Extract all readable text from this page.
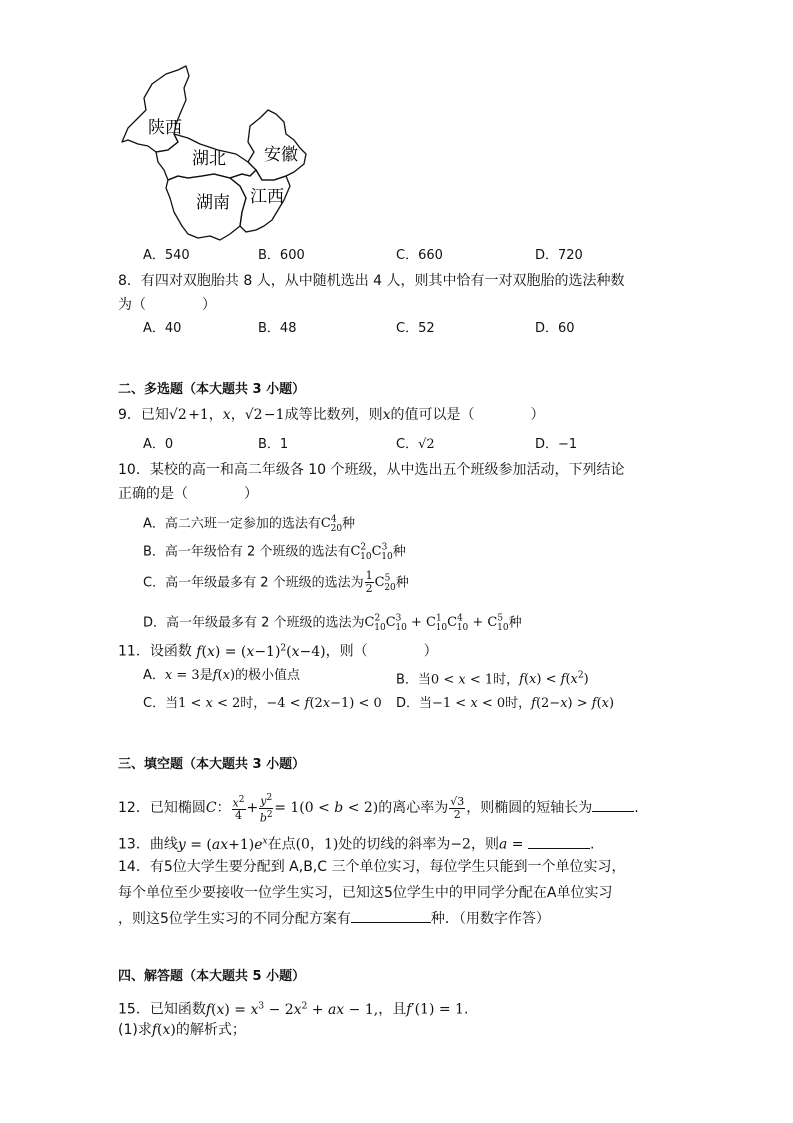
陕西
湖北 安徽
湖南 江西
A．540	B．600	C．660	D．720
8．有四对双胞胎共 8 人，从中随机选出 4 人，则其中恰有一对双胞胎的选法种数
为（　　　　）
A．40	B．48	C．52	D．60
二、多选题（本大题共 3 小题）
9．已知√2 +1，x，√2 −1成等比数列，则x的值可以是（　　　　）
A．0	B．1	C．√2	D．−1
10．某校的高一和高二年级各 10 个班级，从中选出五个班级参加活动，下列结论
正确的是（　　　　）
A．高二六班一定参加的选法有$C^4_{20}$种
B．高一年级恰有 2 个班级的选法有$C^2_{10}C^3_{10}$种
C．高一年级最多有 2 个班级的选法为 $\frac{1}{2} C^5_{20}$种
D．高一年级最多有 2 个班级的选法为$C^2_{10}C^3_{10} + C^1_{10}C^4_{10} + C^5_{10}$种
11．设函数 $f(x) = (x-1)^2(x-4)$，则（　　　　）
A．x = 3是f(x)的极小值点	B．当0 < x < 1时，$f(x) < f(x^2)$
C．当1 < x < 2时，−4 < f(2x−1) < 0 D．当−1 < x < 0时，f(2−x) > f(x)
三、填空题（本大题共 3 小题）
12．已知椭圆C： $\frac{x^2}{4} + \frac{y^2}{b^2} = 1(0 < b < 2)$的离心率为 $\frac{√3}{2}$ ，则椭圆的短轴长为	.
13．曲线$y = (ax+1)e^x$在点(0，1)处的切线的斜率为−2，则a =	.
14．有5位大学生要分配到 A,B,C 三个单位实习，每位学生只能到一个单位实习，
每个单位至少要接收一位学生实习，已知这5位学生中的甲同学分配在A单位实习
，则这5位学生实习的不同分配方案有	种．（用数字作答）
四、解答题（本大题共 5 小题）
15．已知函数$f(x) = x^3 - 2x^2$ + ax − 1,，且f′(1) = 1.
(1)求f(x)的解析式；
